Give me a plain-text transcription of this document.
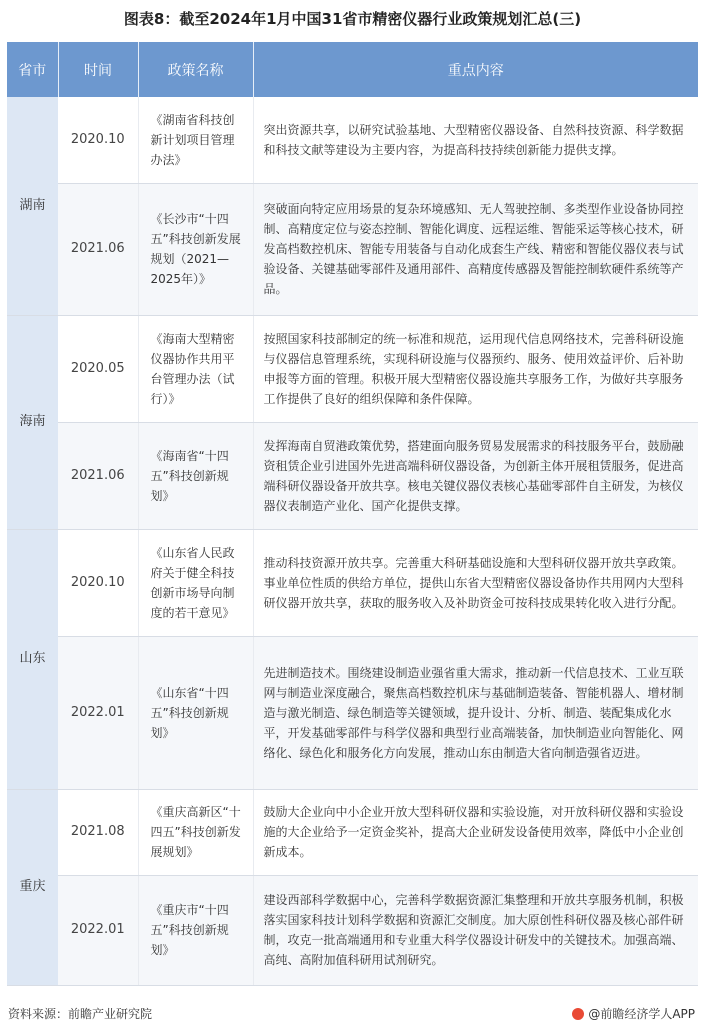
图表8：截至2024年1月中国31省市精密仪器行业政策规划汇总(三)
省市	时间	政策名称	重点内容
湖南	2020.10	《湖南省科技创新计划项目管理办法》	突出资源共享，以研究试验基地、大型精密仪器设备、自然科技资源、科学数据和科技文献等建设为主要内容，为提高科技持续创新能力提供支撑。
	2021.06	《长沙市“十四五”科技创新发展规划（2021—2025年）》	突破面向特定应用场景的复杂环境感知、无人驾驶控制、多类型作业设备协同控制、高精度定位与姿态控制、智能化调度、远程运维、智能采运等核心技术，研发高档数控机床、智能专用装备与自动化成套生产线、精密和智能仪器仪表与试验设备、关键基础零部件及通用部件、高精度传感器及智能控制软硬件系统等产品。
海南	2020.05	《海南大型精密仪器协作共用平台管理办法（试行）》	按照国家科技部制定的统一标准和规范，运用现代信息网络技术，完善科研设施与仪器信息管理系统，实现科研设施与仪器预约、服务、使用效益评价、后补助申报等方面的管理。积极开展大型精密仪器设施共享服务工作，为做好共享服务工作提供了良好的组织保障和条件保障。
	2021.06	《海南省“十四五”科技创新规划》	发挥海南自贸港政策优势，搭建面向服务贸易发展需求的科技服务平台，鼓励融资租赁企业引进国外先进高端科研仪器设备，为创新主体开展租赁服务，促进高端科研仪器设备开放共享。核电关键仪器仪表核心基础零部件自主研发，为核仪器仪表制造产业化、国产化提供支撑。
山东	2020.10	《山东省人民政府关于健全科技创新市场导向制度的若干意见》	推动科技资源开放共享。完善重大科研基础设施和大型科研仪器开放共享政策。事业单位性质的供给方单位，提供山东省大型精密仪器设备协作共用网内大型科研仪器开放共享，获取的服务收入及补助资金可按科技成果转化收入进行分配。
	2022.01	《山东省“十四五”科技创新规划》	先进制造技术。围绕建设制造业强省重大需求，推动新一代信息技术、工业互联网与制造业深度融合，聚焦高档数控机床与基础制造装备、智能机器人、增材制造与激光制造、绿色制造等关键领域，提升设计、分析、制造、装配集成化水平，开发基础零部件与科学仪器和典型行业高端装备，加快制造业向智能化、网络化、绿色化和服务化方向发展，推动山东由制造大省向制造强省迈进。
重庆	2021.08	《重庆高新区“十四五”科技创新发展规划》	鼓励大企业向中小企业开放大型科研仪器和实验设施，对开放科研仪器和实验设施的大企业给予一定资金奖补，提高大企业研发设备使用效率，降低中小企业创新成本。
	2022.01	《重庆市“十四五”科技创新规划》	建设西部科学数据中心，完善科学数据资源汇集整理和开放共享服务机制，积极落实国家科技计划科学数据和资源汇交制度。加大原创性科研仪器及核心部件研制，攻克一批高端通用和专业重大科学仪器设计研发中的关键技术。加强高端、高纯、高附加值科研用试剂研究。
资料来源：前瞻产业研究院	@前瞻经济学人APP
